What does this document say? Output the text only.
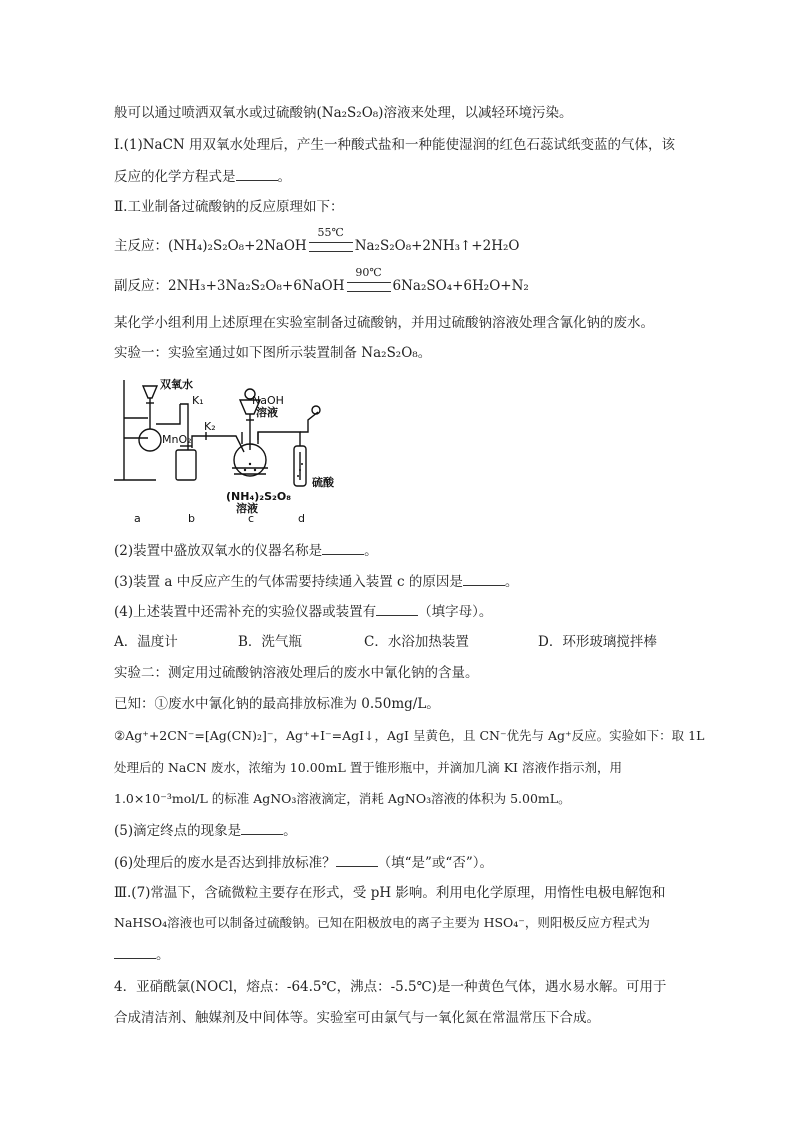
般可以通过喷洒双氧水或过硫酸钠(Na₂S₂O₈)溶液来处理，以减轻环境污染。
I.(1)NaCN 用双氧水处理后，产生一种酸式盐和一种能使湿润的红色石蕊试纸变蓝的气体，该
反应的化学方程式是	。
Ⅱ.工业制备过硫酸钠的反应原理如下：
主反应：(NH₄)₂S₂O₈+2NaOH
55℃
Na₂S₂O₈+2NH₃↑+2H₂O
副反应：2NH₃+3Na₂S₂O₈+6NaOH
90℃
6Na₂SO₄+6H₂O+N₂
某化学小组利用上述原理在实验室制备过硫酸钠，并用过硫酸钠溶液处理含氰化钠的废水。
实验一：实验室通过如下图所示装置制备 Na₂S₂O₈。
双氧水
MnO₂
K₁
K₂
NaOH
溶液
(NH₄)₂S₂O₈
溶液
硫酸
a	b	c	d
(2)装置中盛放双氧水的仪器名称是	。
(3)装置 a 中反应产生的气体需要持续通入装置 c 的原因是	。
(4)上述装置中还需补充的实验仪器或装置有	（填字母）。
A．温度计	B．洗气瓶	C．水浴加热装置	D．环形玻璃搅拌棒
实验二：测定用过硫酸钠溶液处理后的废水中氰化钠的含量。
已知：①废水中氰化钠的最高排放标准为 0.50mg/L。
②Ag⁺+2CN⁻=[Ag(CN)₂]⁻，Ag⁺+I⁻=AgI↓，AgI 呈黄色，且 CN⁻优先与 Ag⁺反应。实验如下：取 1L
处理后的 NaCN 废水，浓缩为 10.00mL 置于锥形瓶中，并滴加几滴 KI 溶液作指示剂，用
1.0×10⁻³mol/L 的标准 AgNO₃溶液滴定，消耗 AgNO₃溶液的体积为 5.00mL。
(5)滴定终点的现象是	。
(6)处理后的废水是否达到排放标准？	（填“是”或“否”）。
Ⅲ.(7)常温下，含硫微粒主要存在形式，受 pH 影响。利用电化学原理，用惰性电极电解饱和
NaHSO₄溶液也可以制备过硫酸钠。已知在阳极放电的离子主要为 HSO₄⁻，则阳极反应方程式为
。
4．亚硝酰氯(NOCl，熔点：-64.5℃，沸点：-5.5℃)是一种黄色气体，遇水易水解。可用于
合成清洁剂、触媒剂及中间体等。实验室可由氯气与一氧化氮在常温常压下合成。
